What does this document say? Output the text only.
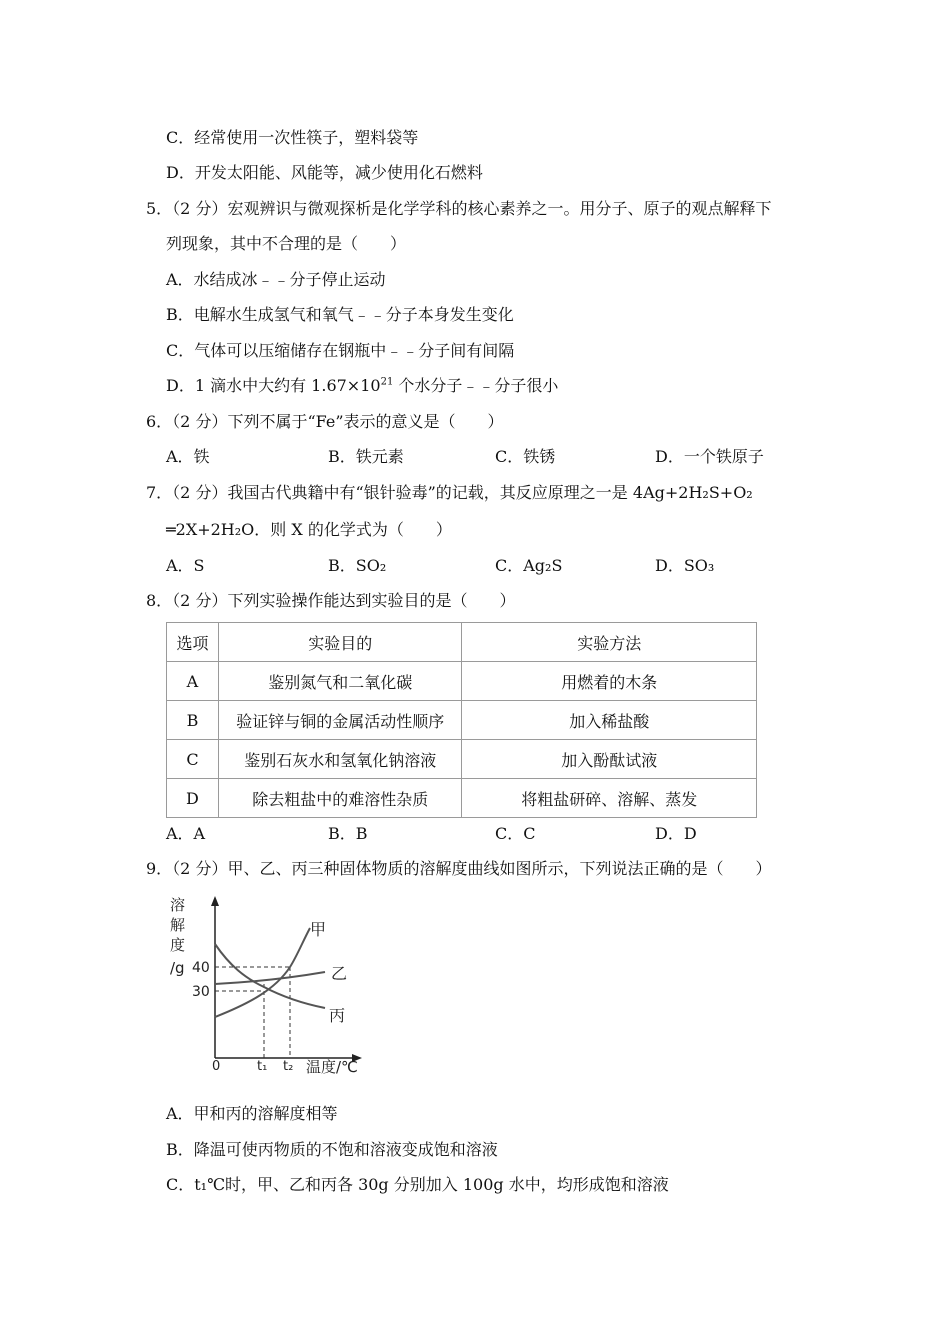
C．经常使用一次性筷子，塑料袋等
D．开发太阳能、风能等，减少使用化石燃料
5．（2 分）宏观辨识与微观探析是化学学科的核心素养之一。用分子、原子的观点解释下
列现象，其中不合理的是（　　）
A．水结成冰﹣﹣分子停止运动
B．电解水生成氢气和氧气﹣﹣分子本身发生变化
C．气体可以压缩储存在钢瓶中﹣﹣分子间有间隔
D．1 滴水中大约有 $1.67\times 10^{21}$ 个水分子﹣﹣分子很小
6．（2 分）下列不属于“Fe”表示的意义是（　　）
A．铁	B．铁元素	C．铁锈	D．一个铁原子
7．（2 分）我国古代典籍中有“银针验毒”的记载，其反应原理之一是 4Ag+2H₂S+O₂
═2X+2H₂O．则 X 的化学式为（　　）
A．S	B．SO₂	C．Ag₂S	D．SO₃
8．（2 分）下列实验操作能达到实验目的是（　　）
选项	实验目的	实验方法
A	鉴别氮气和二氧化碳	用燃着的木条
B	验证锌与铜的金属活动性顺序	加入稀盐酸
C	鉴别石灰水和氢氧化钠溶液	加入酚酞试液
D	除去粗盐中的难溶性杂质	将粗盐研碎、溶解、蒸发
A．A	B．B	C．C	D．D
9．（2 分）甲、乙、丙三种固体物质的溶解度曲线如图所示，下列说法正确的是（　　）
溶
解
度
/g 40
30
0	t₁ t₂ 温度/℃
甲
乙
丙
A．甲和丙的溶解度相等
B．降温可使丙物质的不饱和溶液变成饱和溶液
C．t₁℃时，甲、乙和丙各 30g 分别加入 100g 水中，均形成饱和溶液
